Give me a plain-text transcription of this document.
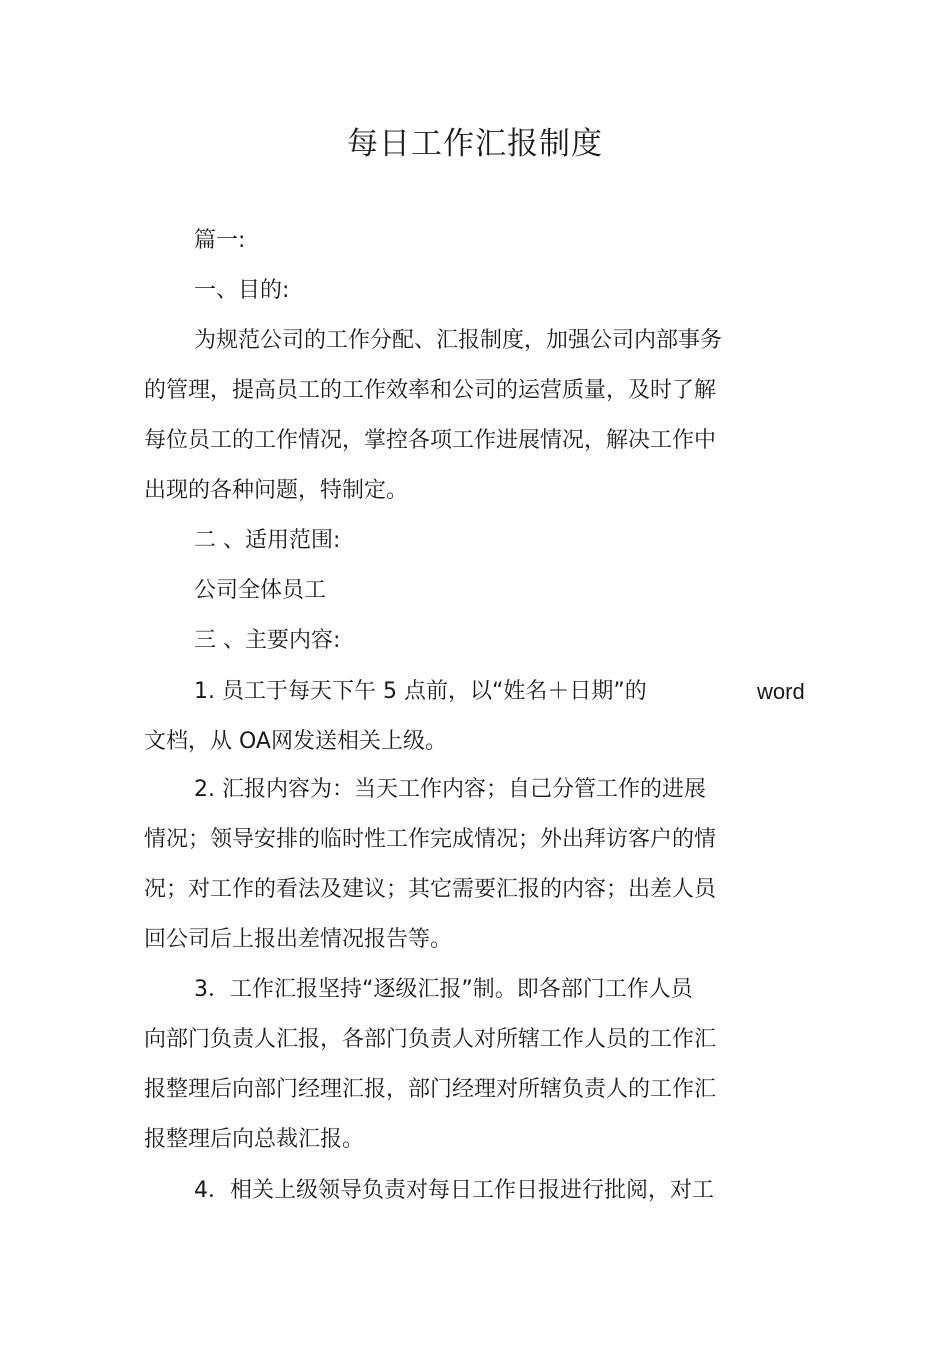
每日工作汇报制度
篇一:
一、目的:
为规范公司的工作分配、汇报制度，加强公司内部事务
的管理，提高员工的工作效率和公司的运营质量，及时了解
每位员工的工作情况，掌控各项工作进展情况，解决工作中
出现的各种问题，特制定。
二 、适用范围:
公司全体员工
三 、主要内容:
1. 员工于每天下午 5 点前，以“姓名＋日期”的	word
文档，从 OA网发送相关上级。
2. 汇报内容为：当天工作内容；自己分管工作的进展
情况；领导安排的临时性工作完成情况；外出拜访客户的情
况；对工作的看法及建议；其它需要汇报的内容；出差人员
回公司后上报出差情况报告等。
3．工作汇报坚持“逐级汇报”制。即各部门工作人员
向部门负责人汇报，各部门负责人对所辖工作人员的工作汇
报整理后向部门经理汇报，部门经理对所辖负责人的工作汇
报整理后向总裁汇报。
4．相关上级领导负责对每日工作日报进行批阅，对工
